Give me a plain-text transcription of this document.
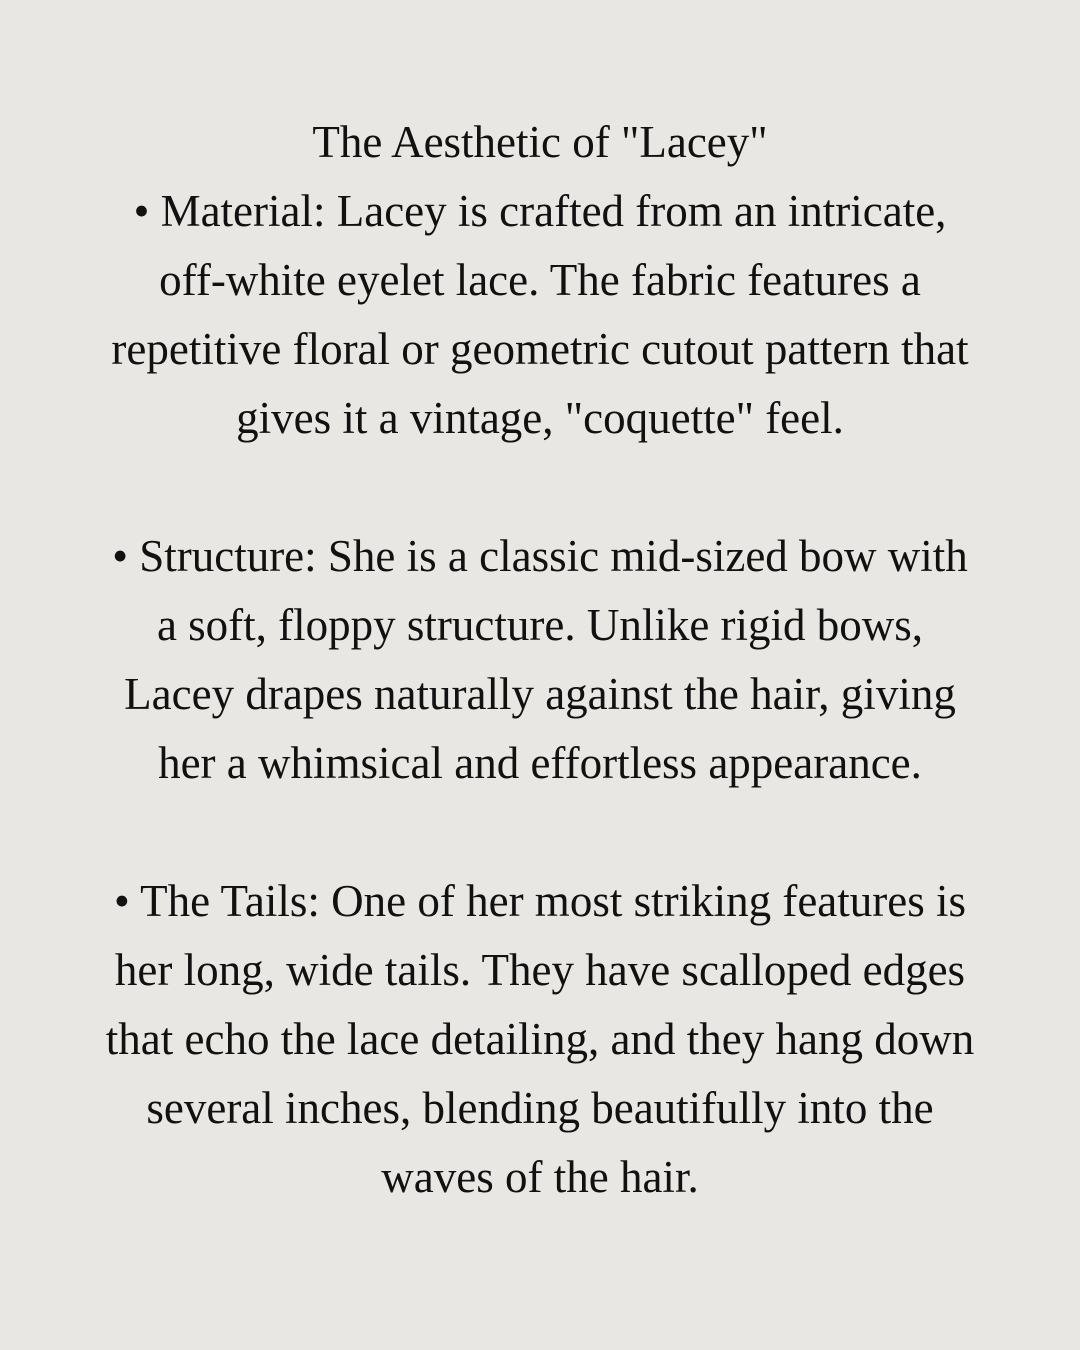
The Aesthetic of "Lacey"
• Material: Lacey is crafted from an intricate,
off-white eyelet lace. The fabric features a
repetitive floral or geometric cutout pattern that
gives it a vintage, "coquette" feel.
• Structure: She is a classic mid-sized bow with
a soft, floppy structure. Unlike rigid bows,
Lacey drapes naturally against the hair, giving
her a whimsical and effortless appearance.
• The Tails: One of her most striking features is
her long, wide tails. They have scalloped edges
that echo the lace detailing, and they hang down
several inches, blending beautifully into the
waves of the hair.
